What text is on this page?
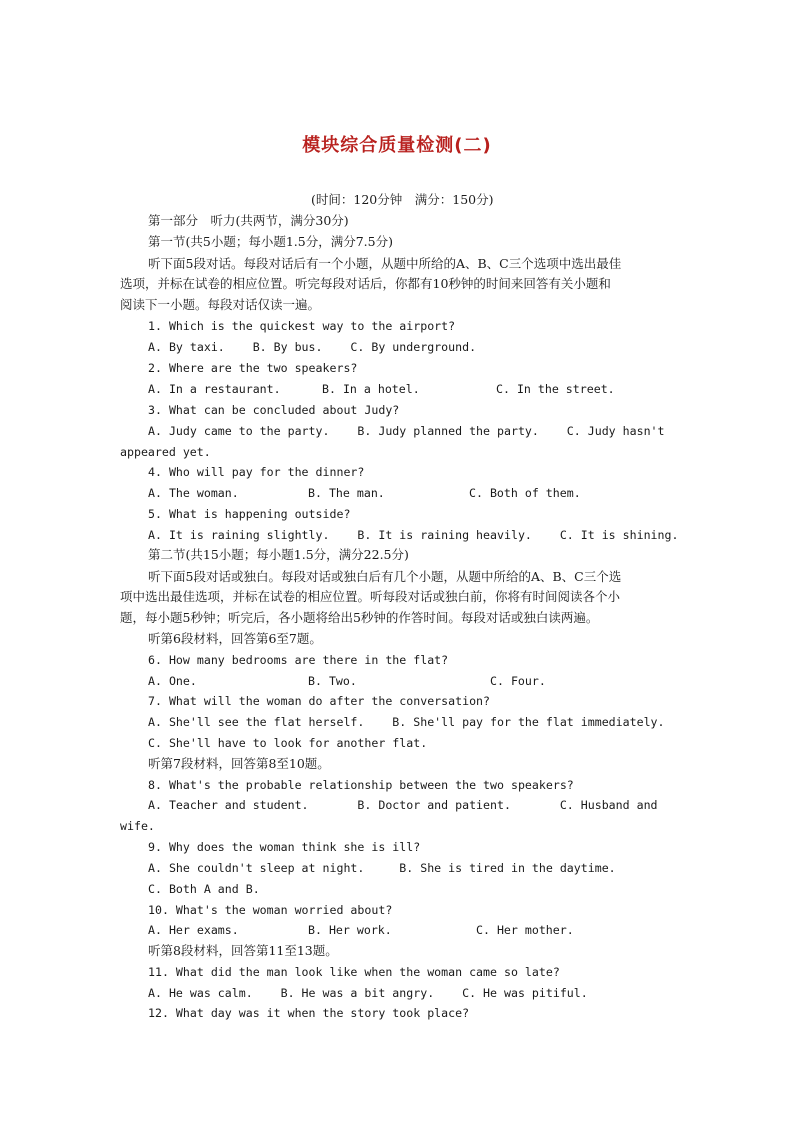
模块综合质量检测(二)
(时间：120分钟　满分：150分)
第一部分　听力(共两节，满分30分)
第一节(共5小题；每小题1.5分，满分7.5分)
听下面5段对话。每段对话后有一个小题，从题中所给的A、B、C三个选项中选出最佳
选项，并标在试卷的相应位置。听完每段对话后，你都有10秒钟的时间来回答有关小题和
阅读下一小题。每段对话仅读一遍。
1. Which is the quickest way to the airport?
A. By taxi.    B. By bus.    C. By underground.
2. Where are the two speakers?
A. In a restaurant.	B. In a hotel.	C. In the street.
3. What can be concluded about Judy?
A. Judy came to the party.    B. Judy planned the party.    C. Judy hasn't
appeared yet.
4. Who will pay for the dinner?
A. The woman.	B. The man.	C. Both of them.
5. What is happening outside?
A. It is raining slightly.    B. It is raining heavily.    C. It is shining.
第二节(共15小题；每小题1.5分，满分22.5分)
听下面5段对话或独白。每段对话或独白后有几个小题，从题中所给的A、B、C三个选
项中选出最佳选项，并标在试卷的相应位置。听每段对话或独白前，你将有时间阅读各个小
题，每小题5秒钟；听完后，各小题将给出5秒钟的作答时间。每段对话或独白读两遍。
听第6段材料，回答第6至7题。
6. How many bedrooms are there in the flat?
A. One.	B. Two.	C. Four.
7. What will the woman do after the conversation?
A. She'll see the flat herself.    B. She'll pay for the flat immediately.
C. She'll have to look for another flat.
听第7段材料，回答第8至10题。
8. What's the probable relationship between the two speakers?
A. Teacher and student.       B. Doctor and patient.       C. Husband and
wife.
9. Why does the woman think she is ill?
A. She couldn't sleep at night.     B. She is tired in the daytime.
C. Both A and B.
10. What's the woman worried about?
A. Her exams.	B. Her work.	C. Her mother.
听第8段材料，回答第11至13题。
11. What did the man look like when the woman came so late?
A. He was calm.    B. He was a bit angry.    C. He was pitiful.
12. What day was it when the story took place?
